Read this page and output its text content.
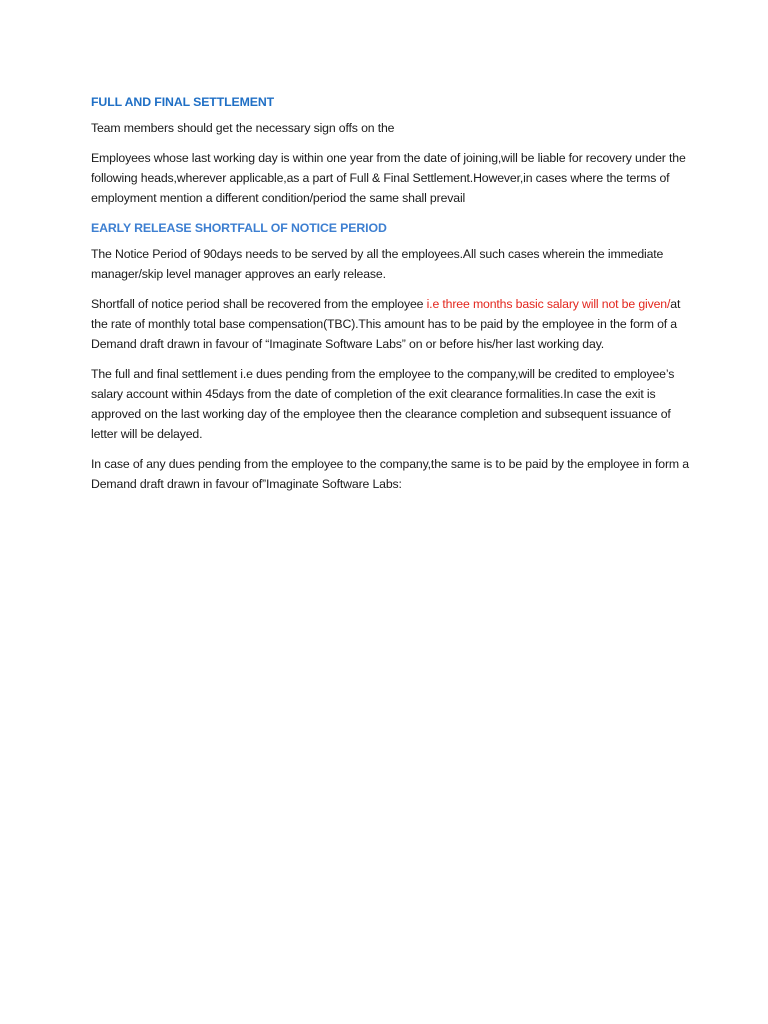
FULL AND FINAL SETTLEMENT

Team members should get the necessary sign offs on the

Employees whose last working day is within one year from the date of joining,will be liable for recovery under the following heads,wherever applicable,as a part of Full & Final Settlement.However,in cases where the terms of employment mention a different condition/period the same shall prevail

EARLY RELEASE SHORTFALL OF NOTICE PERIOD

The Notice Period of 90days needs to be served by all the employees.All such cases wherein the immediate manager/skip level manager approves an early release.

Shortfall of notice period shall be recovered from the employee i.e three months basic salary will not be given/at the rate of monthly total base compensation(TBC).This amount has to be paid by the employee in the form of a Demand draft drawn in favour of “Imaginate Software Labs” on or before his/her last working day.

The full and final settlement i.e dues pending from the employee to the company,will be credited to employee’s salary account within 45days from the date of completion of the exit clearance formalities.In case the exit is approved on the last working day of the employee then the clearance completion and subsequent issuance of letter will be delayed.

In case of any dues pending from the employee to the company,the same is to be paid by the employee in form a Demand draft drawn in favour of”Imaginate Software Labs:
